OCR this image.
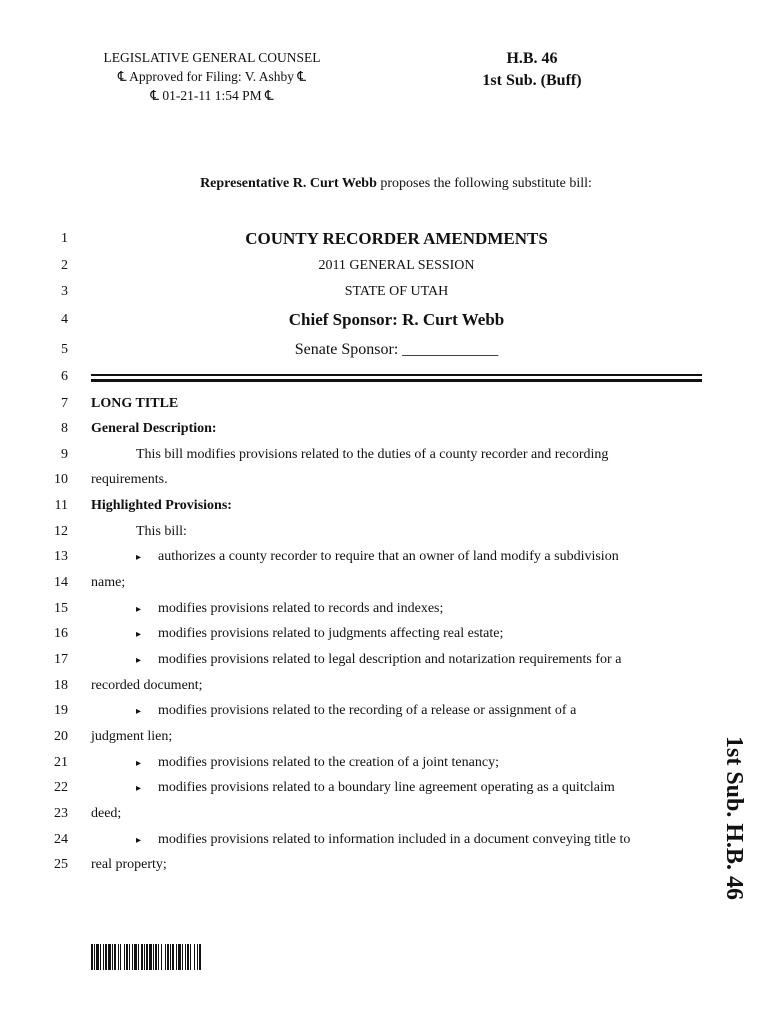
LEGISLATIVE GENERAL COUNSEL
℄ Approved for Filing: V. Ashby ℄
℄ 01-21-11 1:54 PM ℄
H.B. 46
1st Sub. (Buff)
Representative R. Curt Webb proposes the following substitute bill:
1
2
3
4
5
6
7
8
9
10
11
12
13
14
15
16
17
18
19
20
21
22
23
24
25
COUNTY RECORDER AMENDMENTS
2011 GENERAL SESSION
STATE OF UTAH
Chief Sponsor: R. Curt Webb
Senate Sponsor: ____________
LONG TITLE
General Description:
This bill modifies provisions related to the duties of a county recorder and recording
requirements.
Highlighted Provisions:
This bill:
▸ authorizes a county recorder to require that an owner of land modify a subdivision
name;
▸ modifies provisions related to records and indexes;
▸ modifies provisions related to judgments affecting real estate;
▸ modifies provisions related to legal description and notarization requirements for a
recorded document;
▸ modifies provisions related to the recording of a release or assignment of a
judgment lien;
▸ modifies provisions related to the creation of a joint tenancy;
▸ modifies provisions related to a boundary line agreement operating as a quitclaim
deed;
▸ modifies provisions related to information included in a document conveying title to
real property;	1st Sub. H.B. 46
